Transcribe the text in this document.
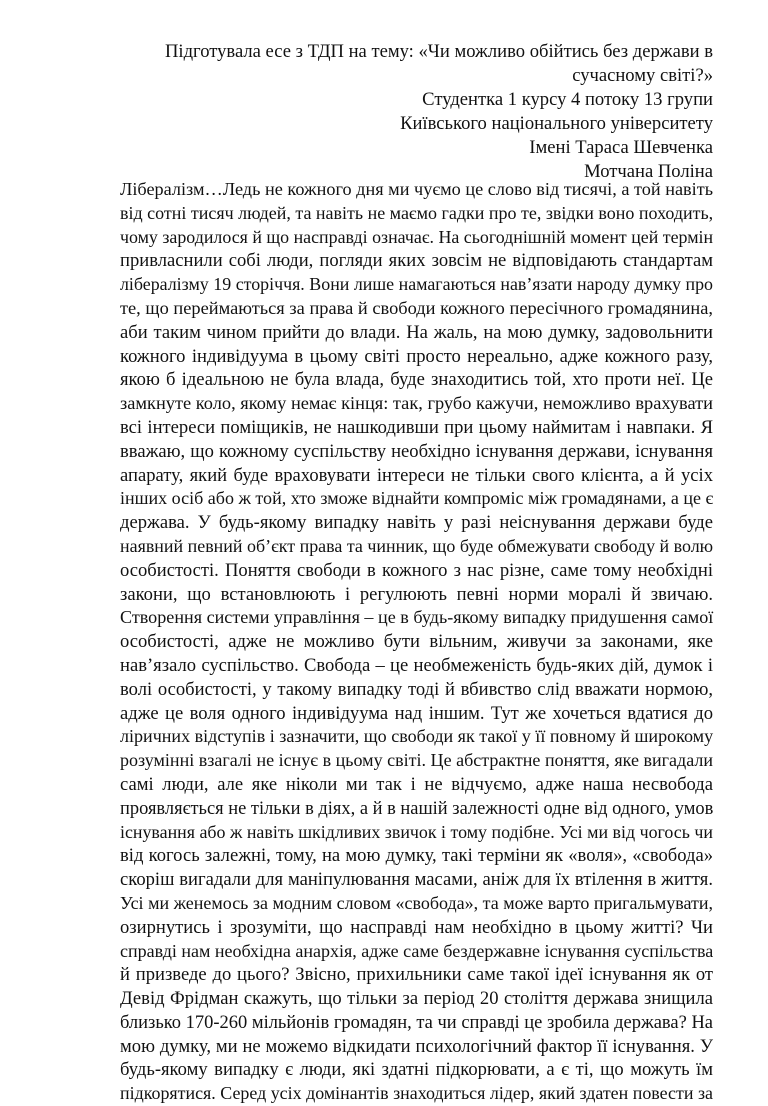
Підготувала есе з ТДП на тему: «Чи можливо обійтись без держави в
сучасному світі?»
Студентка 1 курсу 4 потоку 13 групи
Київського національного університету
Імені Тараса Шевченка
Мотчана Поліна
Лібералізм…Ледь не кожного дня ми чуємо це слово від тисячі, а той навіть
від сотні тисяч людей, та навіть не маємо гадки про те, звідки воно походить,
чому зародилося й що насправді означає. На сьогоднішній момент цей термін
привласнили собі люди, погляди яких зовсім не відповідають стандартам
лібералізму 19 сторіччя. Вони лише намагаються нав’язати народу думку про
те, що переймаються за права й свободи кожного пересічного громадянина,
аби таким чином прийти до влади. На жаль, на мою думку, задовольнити
кожного індивідуума в цьому світі просто нереально, адже кожного разу,
якою б ідеальною не була влада, буде знаходитись той, хто проти неї. Це
замкнуте коло, якому немає кінця: так, грубо кажучи, неможливо врахувати
всі інтереси поміщиків, не нашкодивши при цьому наймитам і навпаки. Я
вважаю, що кожному суспільству необхідно існування держави, існування
апарату, який буде враховувати інтереси не тільки свого клієнта, а й усіх
інших осіб або ж той, хто зможе віднайти компроміс між громадянами, а це є
держава. У будь-якому випадку навіть у разі неіснування держави буде
наявний певний об’єкт права та чинник, що буде обмежувати свободу й волю
особистості. Поняття свободи в кожного з нас різне, саме тому необхідні
закони, що встановлюють і регулюють певні норми моралі й звичаю.
Створення системи управління – це в будь-якому випадку придушення самої
особистості, адже не можливо бути вільним, живучи за законами, яке
нав’язало суспільство. Свобода – це необмеженість будь-яких дій, думок і
волі особистості, у такому випадку тоді й вбивство слід вважати нормою,
адже це воля одного індивідуума над іншим. Тут же хочеться вдатися до
ліричних відступів і зазначити, що свободи як такої у її повному й широкому
розумінні взагалі не існує в цьому світі. Це абстрактне поняття, яке вигадали
самі люди, але яке ніколи ми так і не відчуємо, адже наша несвобода
проявляється не тільки в діях, а й в нашій залежності одне від одного, умов
існування або ж навіть шкідливих звичок і тому подібне. Усі ми від чогось чи
від когось залежні, тому, на мою думку, такі терміни як «воля», «свобода»
скоріш вигадали для маніпулювання масами, аніж для їх втілення в життя.
Усі ми женемось за модним словом «свобода», та може варто пригальмувати,
озирнутись і зрозуміти, що насправді нам необхідно в цьому житті? Чи
справді нам необхідна анархія, адже саме бездержавне існування суспільства
й призведе до цього? Звісно, прихильники саме такої ідеї існування як от
Девід Фрідман скажуть, що тільки за період 20 століття держава знищила
близько 170-260 мільйонів громадян, та чи справді це зробила держава? На
мою думку, ми не можемо відкидати психологічний фактор її існування. У
будь-якому випадку є люди, які здатні підкорювати, а є ті, що можуть їм
підкорятися. Серед усіх домінантів знаходиться лідер, який здатен повести за
